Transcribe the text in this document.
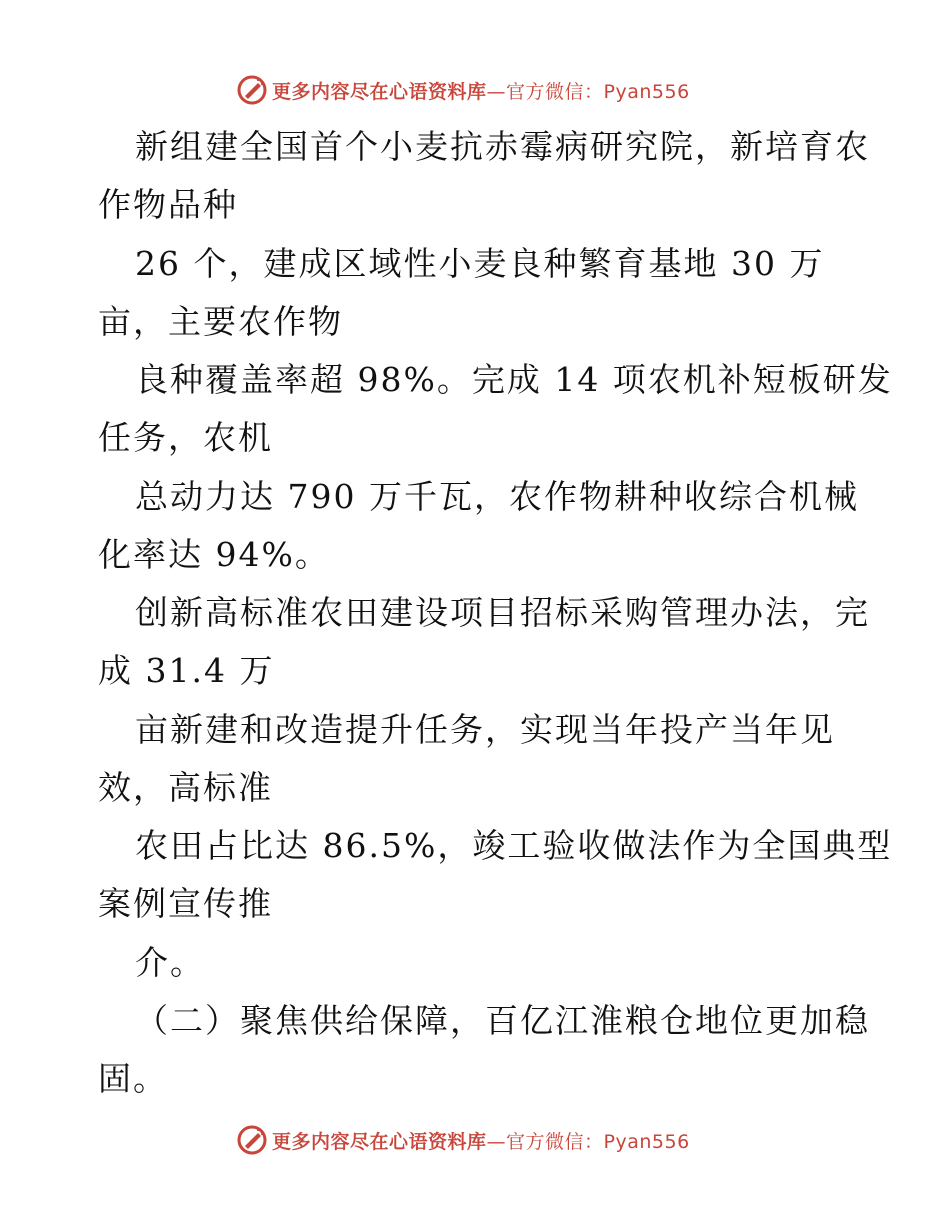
更多内容尽在心语资料库 —官方微信：Pyan556
新组建全国首个小麦抗赤霉病研究院，新培育农
作物品种
26 个，建成区域性小麦良种繁育基地 30 万
亩，主要农作物
良种覆盖率超 98%。完成 14 项农机补短板研发
任务，农机
总动力达 790 万千瓦，农作物耕种收综合机械
化率达 94%。
创新高标准农田建设项目招标采购管理办法，完
成 31.4 万
亩新建和改造提升任务，实现当年投产当年见
效，高标准
农田占比达 86.5%，竣工验收做法作为全国典型
案例宣传推
介。
（二）聚焦供给保障，百亿江淮粮仓地位更加稳
固。
更多内容尽在心语资料库 —官方微信：Pyan556
